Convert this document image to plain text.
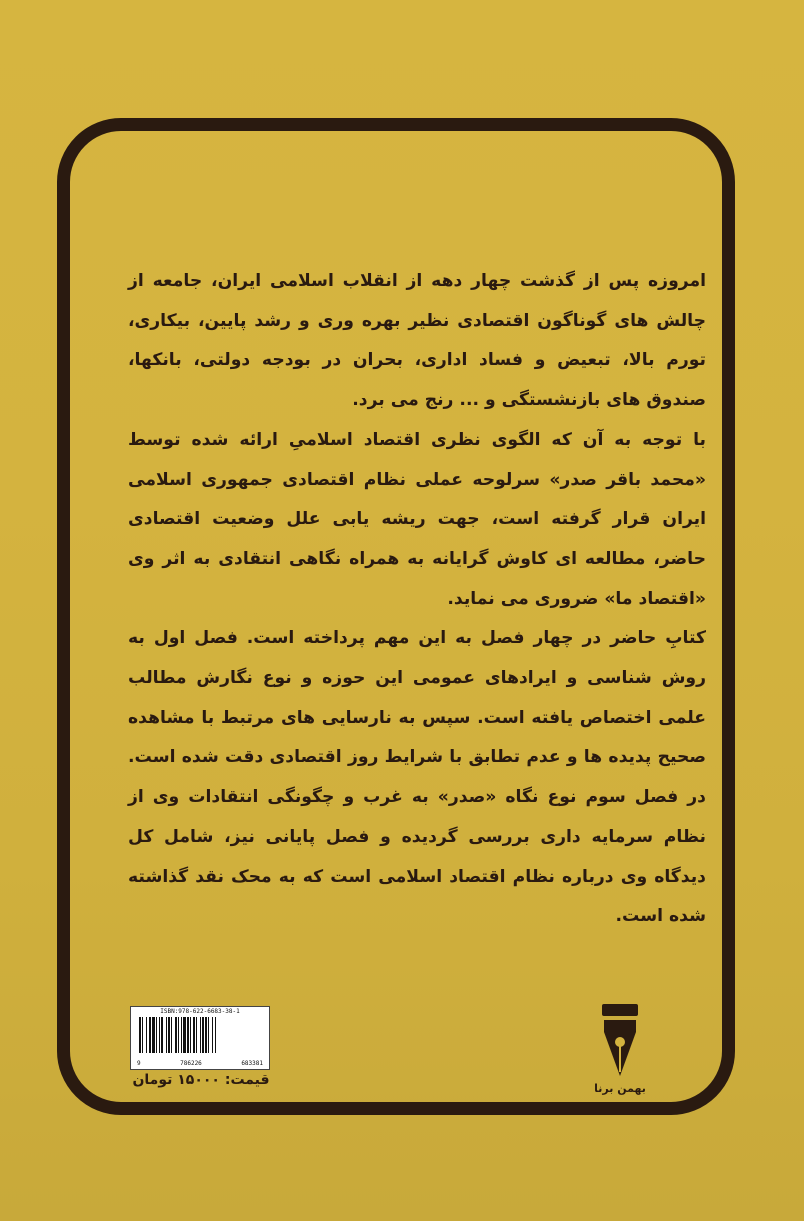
امروزه پس از گذشت چهار دهه از انقلاب اسلامی ایران، جامعه از چالش های گوناگون اقتصادی نظیر بهره وری و رشد پایین، بیکاری، تورم بالا، تبعیض و فساد اداری، بحران در بودجه دولتی، بانکها، صندوق های بازنشستگی و ... رنج می برد.

با توجه به آن که الگوی نظری اقتصاد اسلامیِ ارائه شده توسط «محمد باقر صدر» سرلوحه عملی نظام اقتصادی جمهوری اسلامی ایران قرار گرفته است، جهت ریشه یابی علل وضعیت اقتصادی حاضر، مطالعه ای کاوش گرایانه به همراه نگاهی انتقادی به اثر وی «اقتصاد ما» ضروری می نماید.

کتابِ حاضر در چهار فصل به این مهم پرداخته است. فصل اول به روش شناسی و ایرادهای عمومی این حوزه و نوع نگارش مطالب علمی اختصاص یافته است. سپس به نارسایی های مرتبط با مشاهده صحیح پدیده ها و عدم تطابق با شرایط روز اقتصادی دقت شده است. در فصل سوم نوع نگاه «صدر» به غرب و چگونگی انتقادات وی از نظام سرمایه داری بررسی گردیده و فصل پایانی نیز، شامل کل دیدگاه وی درباره نظام اقتصاد اسلامی است که به محک نقد گذاشته شده است.

ISBN:978-622-6683-38-1
9	786226	683381
قیمت: ۱۵۰۰۰ تومان
بهمن برنا
